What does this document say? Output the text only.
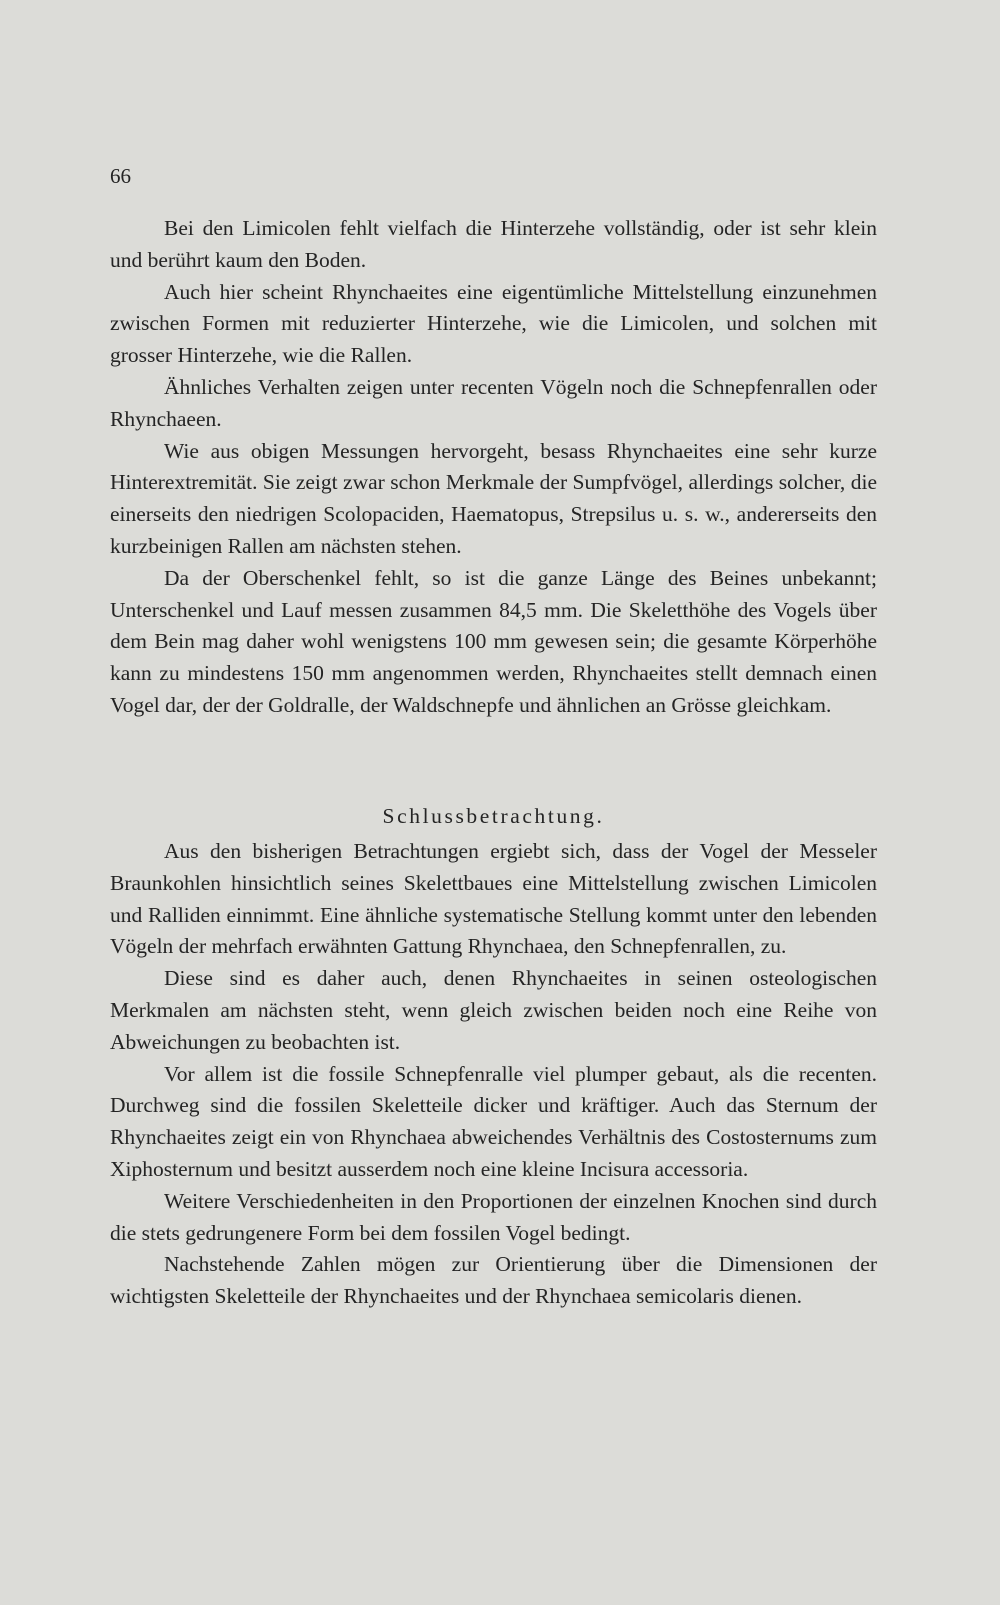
66

Bei den Limicolen fehlt vielfach die Hinterzehe vollständig, oder ist sehr klein und berührt kaum den Boden.

Auch hier scheint Rhynchaeites eine eigentümliche Mittelstellung einzunehmen zwischen Formen mit reduzierter Hinterzehe, wie die Limicolen, und solchen mit grosser Hinterzehe, wie die Rallen.

Ähnliches Verhalten zeigen unter recenten Vögeln noch die Schnepfenrallen oder Rhynchaeen.

Wie aus obigen Messungen hervorgeht, besass Rhynchaeites eine sehr kurze Hinterextremität. Sie zeigt zwar schon Merkmale der Sumpfvögel, allerdings solcher, die einerseits den niedrigen Scolopaciden, Haematopus, Strepsilus u. s. w., andererseits den kurzbeinigen Rallen am nächsten stehen.

Da der Oberschenkel fehlt, so ist die ganze Länge des Beines unbekannt; Unterschenkel und Lauf messen zusammen 84,5 mm. Die Skeletthöhe des Vogels über dem Bein mag daher wohl wenigstens 100 mm gewesen sein; die gesamte Körperhöhe kann zu mindestens 150 mm angenommen werden, Rhynchaeites stellt demnach einen Vogel dar, der der Goldralle, der Waldschnepfe und ähnlichen an Grösse gleichkam.

Schlussbetrachtung.

Aus den bisherigen Betrachtungen ergiebt sich, dass der Vogel der Messeler Braunkohlen hinsichtlich seines Skelettbaues eine Mittelstellung zwischen Limicolen und Ralliden einnimmt. Eine ähnliche systematische Stellung kommt unter den lebenden Vögeln der mehrfach erwähnten Gattung Rhynchaea, den Schnepfenrallen, zu.

Diese sind es daher auch, denen Rhynchaeites in seinen osteologischen Merkmalen am nächsten steht, wenn gleich zwischen beiden noch eine Reihe von Abweichungen zu beobachten ist.

Vor allem ist die fossile Schnepfenralle viel plumper gebaut, als die recenten. Durchweg sind die fossilen Skeletteile dicker und kräftiger. Auch das Sternum der Rhynchaeites zeigt ein von Rhynchaea abweichendes Verhältnis des Costosternums zum Xiphosternum und besitzt ausserdem noch eine kleine Incisura accessoria.

Weitere Verschiedenheiten in den Proportionen der einzelnen Knochen sind durch die stets gedrungenere Form bei dem fossilen Vogel bedingt.

Nachstehende Zahlen mögen zur Orientierung über die Dimensionen der wichtigsten Skeletteile der Rhynchaeites und der Rhynchaea semicolaris dienen.
